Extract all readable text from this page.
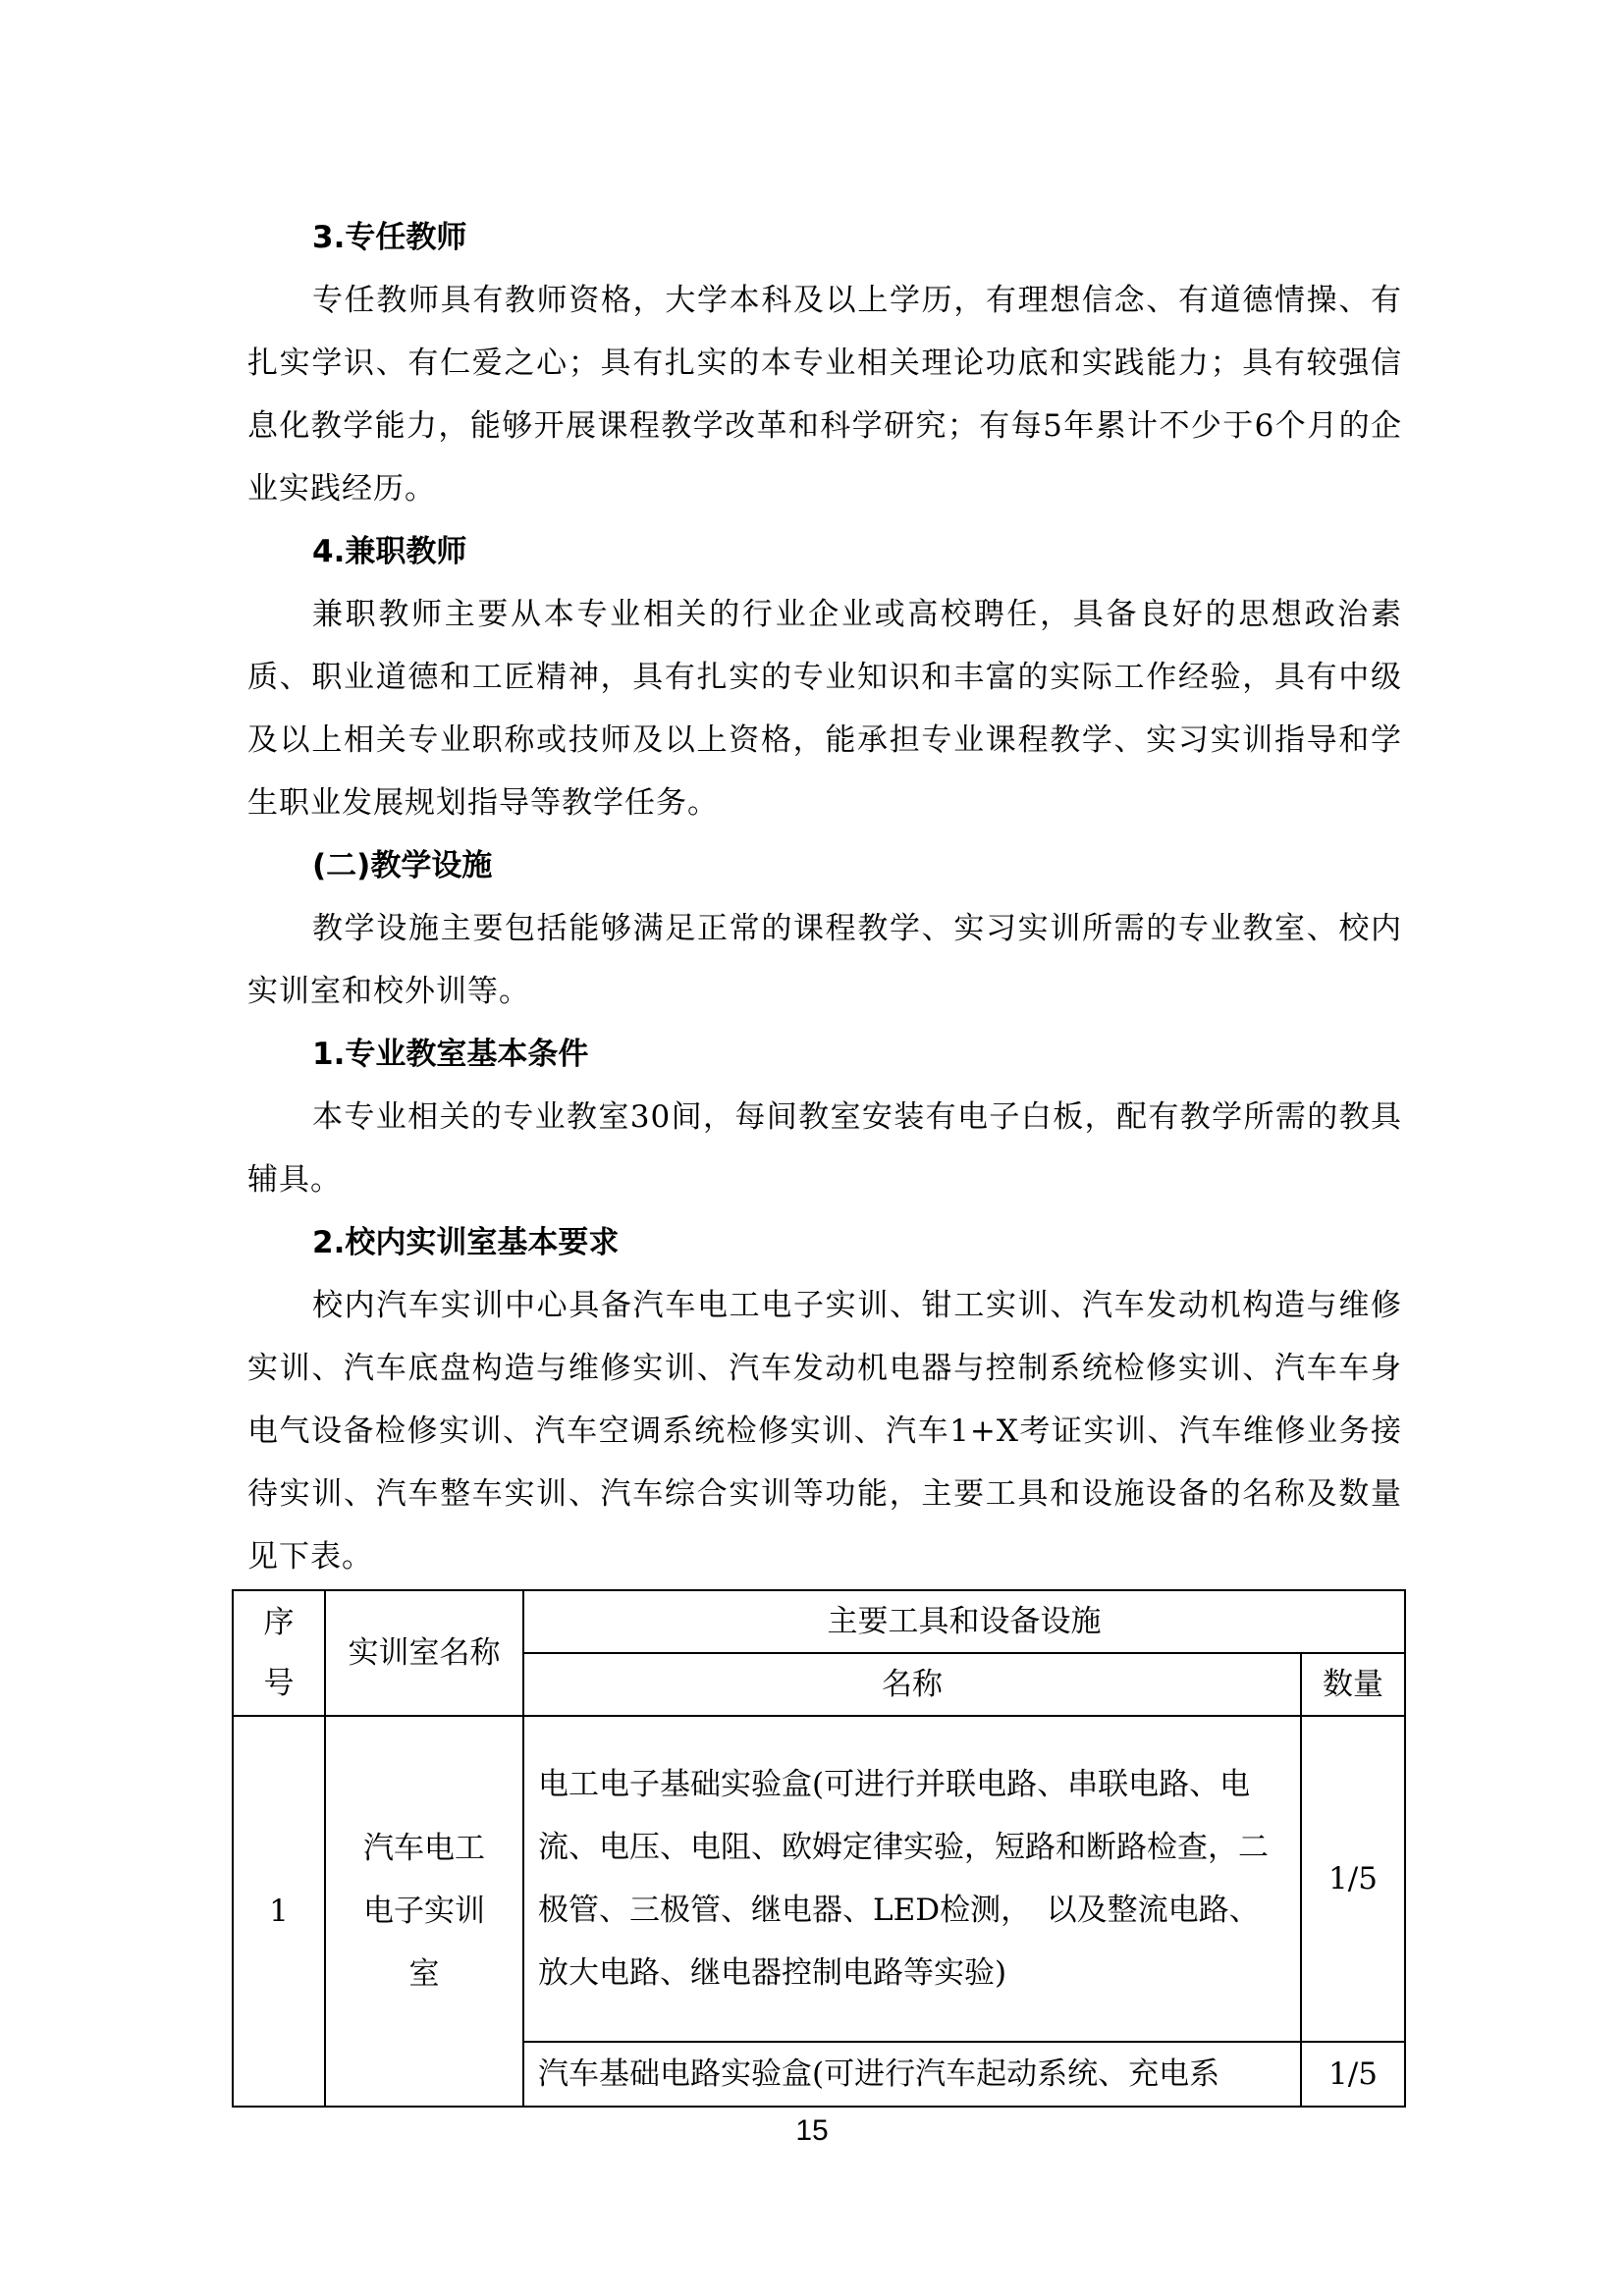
3.专任教师

专任教师具有教师资格，大学本科及以上学历，有理想信念、有道德情操、有扎实学识、有仁爱之心；具有扎实的本专业相关理论功底和实践能力；具有较强信息化教学能力，能够开展课程教学改革和科学研究；有每5年累计不少于6个月的企业实践经历。

4.兼职教师

兼职教师主要从本专业相关的行业企业或高校聘任，具备良好的思想政治素质、职业道德和工匠精神，具有扎实的专业知识和丰富的实际工作经验，具有中级及以上相关专业职称或技师及以上资格，能承担专业课程教学、实习实训指导和学生职业发展规划指导等教学任务。

(二)教学设施

教学设施主要包括能够满足正常的课程教学、实习实训所需的专业教室、校内实训室和校外训等。

1.专业教室基本条件

本专业相关的专业教室30间，每间教室安装有电子白板，配有教学所需的教具辅具。

2.校内实训室基本要求

校内汽车实训中心具备汽车电工电子实训、钳工实训、汽车发动机构造与维修实训、汽车底盘构造与维修实训、汽车发动机电器与控制系统检修实训、汽车车身电气设备检修实训、汽车空调系统检修实训、汽车1+X考证实训、汽车维修业务接待实训、汽车整车实训、汽车综合实训等功能，主要工具和设施设备的名称及数量见下表。

序号	实训室名称	主要工具和设备设施	
		名称	数量
1	汽车电工电子实训室	电工电子基础实验盒(可进行并联电路、串联电路、电流、电压、电阻、欧姆定律实验，短路和断路检查，二极管、三极管、继电器、LED检测，　以及整流电路、放大电路、继电器控制电路等实验)	1/5
		汽车基础电路实验盒(可进行汽车起动系统、充电系	1/5
15
